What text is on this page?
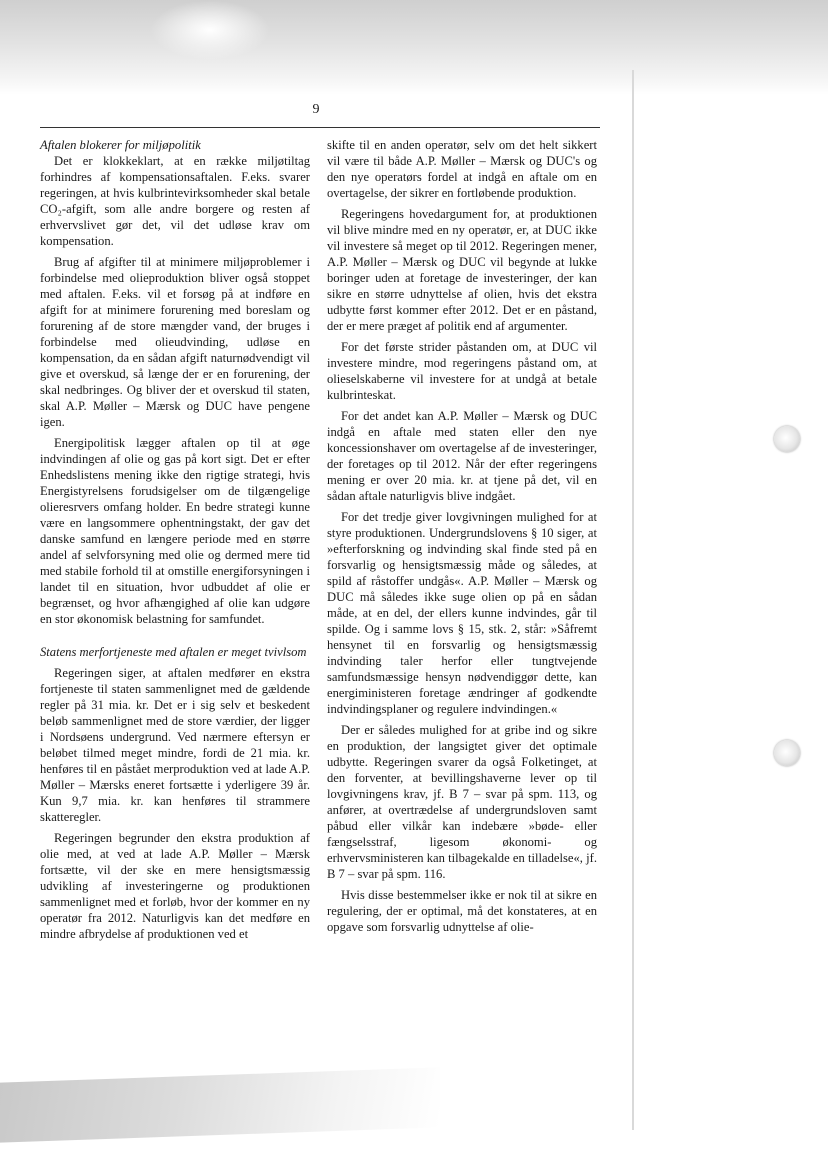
9
Aftalen blokerer for miljøpolitik

Det er klokkeklart, at en række miljøtiltag forhindres af kompensationsaftalen. F.eks. svarer regeringen, at hvis kulbrintevirksomheder skal betale CO₂-afgift, som alle andre borgere og resten af erhvervslivet gør det, vil det udløse krav om kompensation.

Brug af afgifter til at minimere miljøproblemer i forbindelse med olieproduktion bliver også stoppet med aftalen. F.eks. vil et forsøg på at indføre en afgift for at minimere forurening med boreslam og forurening af de store mængder vand, der bruges i forbindelse med olieudvinding, udløse en kompensation, da en sådan afgift naturnødvendigt vil give et overskud, så længe der er en forurening, der skal nedbringes. Og bliver der et overskud til staten, skal A.P. Møller – Mærsk og DUC have pengene igen.

Energipolitisk lægger aftalen op til at øge indvindingen af olie og gas på kort sigt. Det er efter Enhedslistens mening ikke den rigtige strategi, hvis Energistyrelsens forudsigelser om de tilgængelige olieresrvers omfang holder. En bedre strategi kunne være en langsommere ophentningstakt, der gav det danske samfund en længere periode med en større andel af selvforsyning med olie og dermed mere tid med stabile forhold til at omstille energiforsyningen i landet til en situation, hvor udbuddet af olie er begrænset, og hvor afhængighed af olie kan udgøre en stor økonomisk belastning for samfundet.

Statens merfortjeneste med aftalen er meget tvivlsom

Regeringen siger, at aftalen medfører en ekstra fortjeneste til staten sammenlignet med de gældende regler på 31 mia. kr. Det er i sig selv et beskedent beløb sammenlignet med de store værdier, der ligger i Nordsøens undergrund. Ved nærmere eftersyn er beløbet tilmed meget mindre, fordi de 21 mia. kr. henføres til en påstået merproduktion ved at lade A.P. Møller – Mærsks eneret fortsætte i yderligere 39 år. Kun 9,7 mia. kr. kan henføres til strammere skatteregler.

Regeringen begrunder den ekstra produktion af olie med, at ved at lade A.P. Møller – Mærsk fortsætte, vil der ske en mere hensigtsmæssig udvikling af investeringerne og produktionen sammenlignet med et forløb, hvor der kommer en ny operatør fra 2012. Naturligvis kan det medføre en mindre afbrydelse af produktionen ved et

skifte til en anden operatør, selv om det helt sikkert vil være til både A.P. Møller – Mærsk og DUC's og den nye operatørs fordel at indgå en aftale om en overtagelse, der sikrer en fortløbende produktion.

Regeringens hovedargument for, at produktionen vil blive mindre med en ny operatør, er, at DUC ikke vil investere så meget op til 2012. Regeringen mener, A.P. Møller – Mærsk og DUC vil begynde at lukke boringer uden at foretage de investeringer, der kan sikre en større udnyttelse af olien, hvis det ekstra udbytte først kommer efter 2012. Det er en påstand, der er mere præget af politik end af argumenter.

For det første strider påstanden om, at DUC vil investere mindre, mod regeringens påstand om, at olieselskaberne vil investere for at undgå at betale kulbrinteskat.

For det andet kan A.P. Møller – Mærsk og DUC indgå en aftale med staten eller den nye koncessionshaver om overtagelse af de investeringer, der foretages op til 2012. Når der efter regeringens mening er over 20 mia. kr. at tjene på det, vil en sådan aftale naturligvis blive indgået.

For det tredje giver lovgivningen mulighed for at styre produktionen. Undergrundslovens § 10 siger, at »efterforskning og indvinding skal finde sted på en forsvarlig og hensigtsmæssig måde og således, at spild af råstoffer undgås«. A.P. Møller – Mærsk og DUC må således ikke suge olien op på en sådan måde, at en del, der ellers kunne indvindes, går til spilde. Og i samme lovs § 15, stk. 2, står: »Såfremt hensynet til en forsvarlig og hensigtsmæssig indvinding taler herfor eller tungtvejende samfundsmæssige hensyn nødvendiggør dette, kan energiministeren foretage ændringer af godkendte indvindingsplaner og regulere indvindingen.«

Der er således mulighed for at gribe ind og sikre en produktion, der langsigtet giver det optimale udbytte. Regeringen svarer da også Folketinget, at den forventer, at bevillingshaverne lever op til lovgivningens krav, jf. B 7 – svar på spm. 113, og anfører, at overtrædelse af undergrundsloven samt påbud eller vilkår kan indebære »bøde- eller fængselsstraf, ligesom økonomi- og erhvervsministeren kan tilbagekalde en tilladelse«, jf. B 7 – svar på spm. 116.

Hvis disse bestemmelser ikke er nok til at sikre en regulering, der er optimal, må det konstateres, at en opgave som forsvarlig udnyttelse af olie-
